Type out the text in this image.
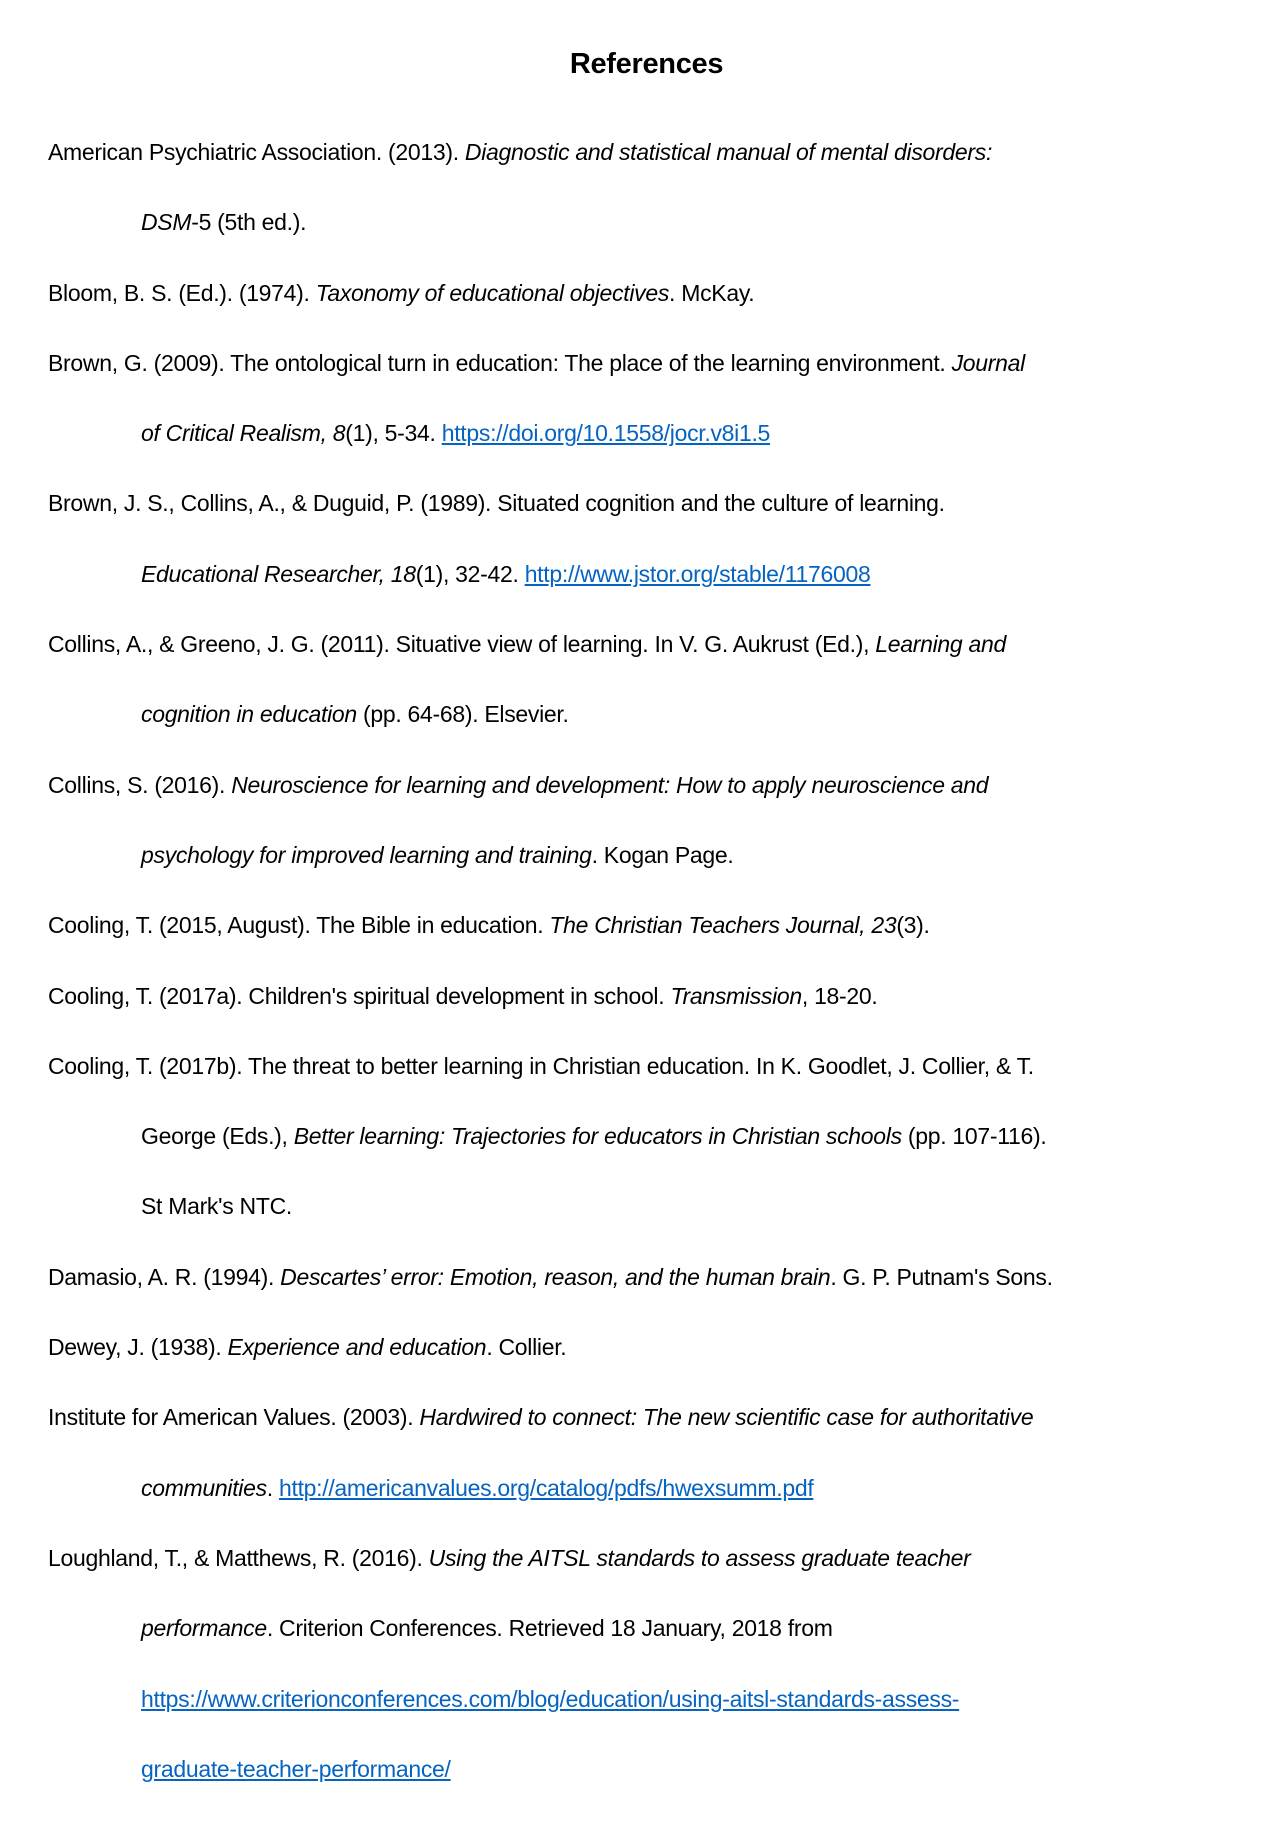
References
American Psychiatric Association. (2013). Diagnostic and statistical manual of mental disorders:
DSM-5 (5th ed.).
Bloom, B. S. (Ed.). (1974). Taxonomy of educational objectives. McKay.
Brown, G. (2009). The ontological turn in education: The place of the learning environment. Journal
of Critical Realism, 8(1), 5-34. https://doi.org/10.1558/jocr.v8i1.5
Brown, J. S., Collins, A., & Duguid, P. (1989). Situated cognition and the culture of learning.
Educational Researcher, 18(1), 32-42. http://www.jstor.org/stable/1176008
Collins, A., & Greeno, J. G. (2011). Situative view of learning. In V. G. Aukrust (Ed.), Learning and
cognition in education (pp. 64-68). Elsevier.
Collins, S. (2016). Neuroscience for learning and development: How to apply neuroscience and
psychology for improved learning and training. Kogan Page.
Cooling, T. (2015, August). The Bible in education. The Christian Teachers Journal, 23(3).
Cooling, T. (2017a). Children's spiritual development in school. Transmission, 18-20.
Cooling, T. (2017b). The threat to better learning in Christian education. In K. Goodlet, J. Collier, & T.
George (Eds.), Better learning: Trajectories for educators in Christian schools (pp. 107-116).
St Mark's NTC.
Damasio, A. R. (1994). Descartes’ error: Emotion, reason, and the human brain. G. P. Putnam's Sons.
Dewey, J. (1938). Experience and education. Collier.
Institute for American Values. (2003). Hardwired to connect: The new scientific case for authoritative
communities. http://americanvalues.org/catalog/pdfs/hwexsumm.pdf
Loughland, T., & Matthews, R. (2016). Using the AITSL standards to assess graduate teacher
performance. Criterion Conferences. Retrieved 18 January, 2018 from
https://www.criterionconferences.com/blog/education/using-aitsl-standards-assess-
graduate-teacher-performance/
